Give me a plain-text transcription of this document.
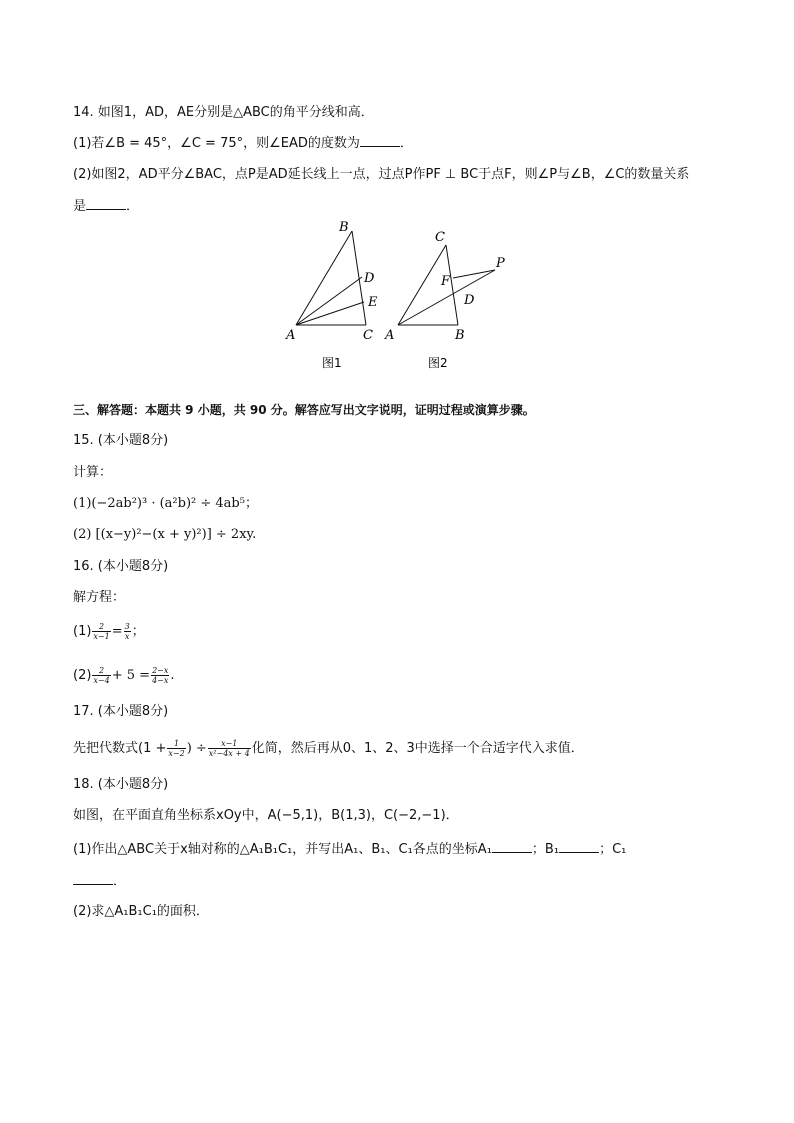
14. 如图1，AD，AE分别是△ABC的角平分线和高．
(1)若∠B = 45°，∠C = 75°，则∠EAD的度数为	．
(2)如图2，AD平分∠BAC，点P是AD延长线上一点，过点P作PF ⊥ BC于点F，则∠P与∠B，∠C的数量关系
是	．
B
D
E
A	C
图1
C
P
F
D
A	B
图2
三、解答题：本题共 9 小题，共 90 分。解答应写出文字说明，证明过程或演算步骤。
15. (本小题8分)
计算：
(1)(−2ab²)³ · (a²b)² ÷ 4ab⁵；
(2) [(x−y)²−(x + y)²)] ÷ 2xy.
16. (本小题8分)
解方程：
$(1) \frac{2}{x-1} = \frac{3}{x}$ ；
$(2) \frac{2}{x-4} + 5 = \frac{2-x}{4-x}$ .
17. (本小题8分)
先把代数式($1 + \frac{1}{x-2}$ ) ÷ $\frac{x-1}{\text{x²−4x + 4}}$ 化简，然后再从0、1、2、3中选择一个合适字代入求值．
18. (本小题8分)
如图，在平面直角坐标系xOy中，A(−5,1)，B(1,3)，C(−2,−1)．
(1)作出△ABC关于x轴对称的△A₁B₁C₁，并写出A₁、B₁、C₁各点的坐标A₁	；B₁	；C₁
．
(2)求△A₁B₁C₁的面积．
